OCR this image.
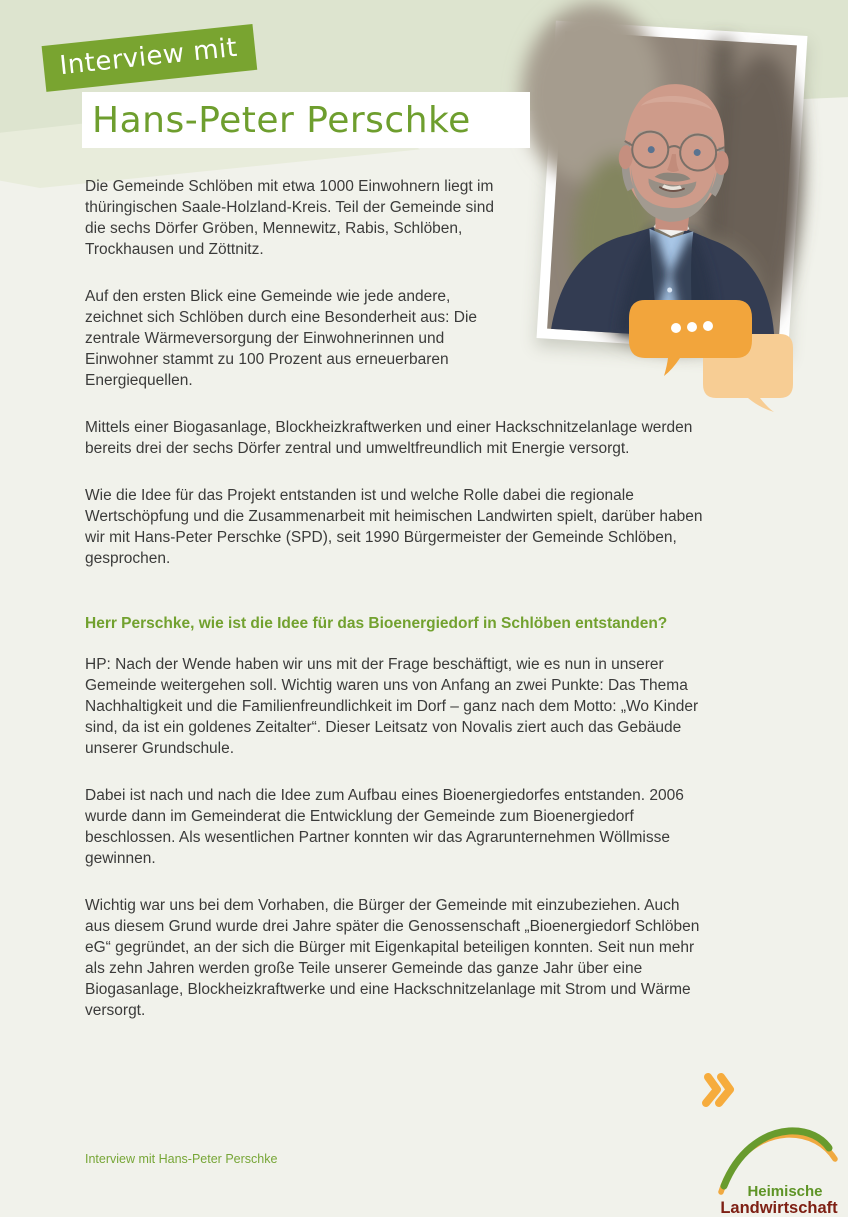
Interview mit
Hans-Peter Perschke

Die Gemeinde Schlöben mit etwa 1000 Einwohnern liegt im thüringischen Saale-Holzland-Kreis. Teil der Gemeinde sind die sechs Dörfer Gröben, Mennewitz, Rabis, Schlöben, Trockhausen und Zöttnitz.

Auf den ersten Blick eine Gemeinde wie jede andere, zeichnet sich Schlöben durch eine Besonderheit aus: Die zentrale Wärmeversorgung der Einwohnerinnen und Einwohner stammt zu 100 Prozent aus erneuerbaren Energiequellen.

Mittels einer Biogasanlage, Blockheizkraftwerken und einer Hackschnitzelanlage werden bereits drei der sechs Dörfer zentral und umweltfreundlich mit Energie versorgt.

Wie die Idee für das Projekt entstanden ist und welche Rolle dabei die regionale Wertschöpfung und die Zusammenarbeit mit heimischen Landwirten spielt, darüber haben wir mit Hans-Peter Perschke (SPD), seit 1990 Bürgermeister der Gemeinde Schlöben, gesprochen.

Herr Perschke, wie ist die Idee für das Bioenergiedorf in Schlöben entstanden?

HP: Nach der Wende haben wir uns mit der Frage beschäftigt, wie es nun in unserer Gemeinde weitergehen soll. Wichtig waren uns von Anfang an zwei Punkte: Das Thema Nachhaltigkeit und die Familienfreundlichkeit im Dorf – ganz nach dem Motto: „Wo Kinder sind, da ist ein goldenes Zeitalter“. Dieser Leitsatz von Novalis ziert auch das Gebäude unserer Grundschule.

Dabei ist nach und nach die Idee zum Aufbau eines Bioenergiedorfes entstanden. 2006 wurde dann im Gemeinderat die Entwicklung der Gemeinde zum Bioenergiedorf beschlossen. Als wesentlichen Partner konnten wir das Agrarunternehmen Wöllmisse gewinnen.

Wichtig war uns bei dem Vorhaben, die Bürger der Gemeinde mit einzubeziehen. Auch aus diesem Grund wurde drei Jahre später die Genossenschaft „Bioenergiedorf Schlöben eG“ gegründet, an der sich die Bürger mit Eigenkapital beteiligen konnten. Seit nun mehr als zehn Jahren werden große Teile unserer Gemeinde das ganze Jahr über eine Biogasanlage, Blockheizkraftwerke und eine Hackschnitzelanlage mit Strom und Wärme versorgt.

Interview mit Hans-Peter Perschke
Heimische
Landwirtschaft
